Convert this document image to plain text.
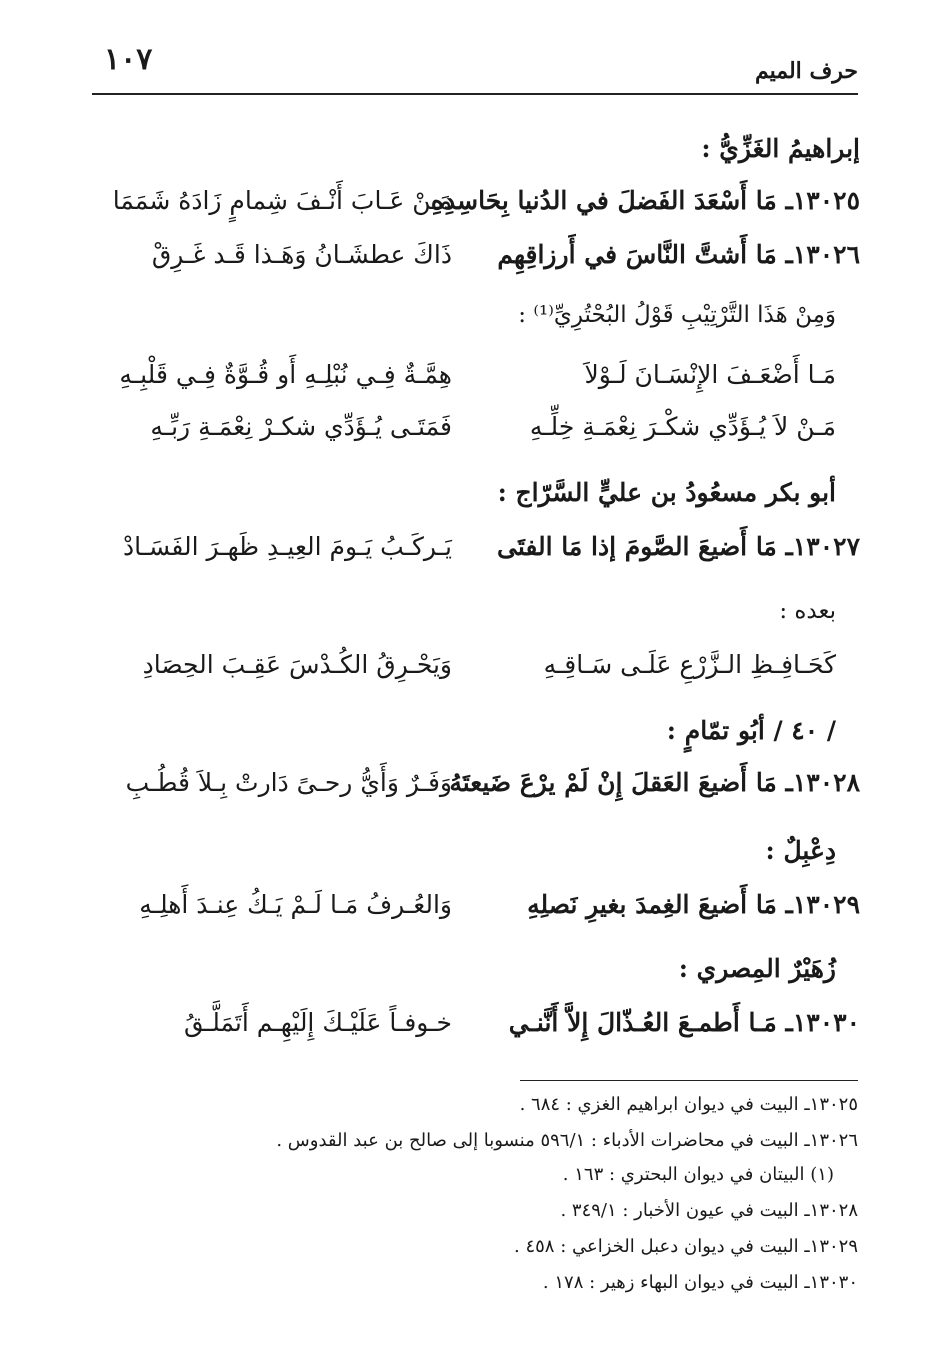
١٠٧	حرف الميم
إبراهيمُ الغَزِّيُّ :
١٣٠٢٥ـ مَا أَسْعَدَ الفَضلَ في الدُنيا بِحَاسِدِهِ
مَـنْ عَـابَ أَنْـفَ شِمامٍ زَادَهُ شَمَمَا
١٣٠٢٦ـ مَا أَشتَّ النَّاسَ في أَرزاقِهِم
ذَاكَ عطشَـانُ وَهَـذا قَـد غَـرِقْ
وَمِنْ هَذَا التَّرْتِيْبِ قَوْلُ البُحْتُرِيِّ⁽¹⁾ :
مَـا أَضْعَـفَ الإِنْسَـانَ لَـوْلاَ
هِمَّـةٌ فِـي نُبْلِـهِ أَو قُـوَّةٌ فِـي قَلْبِـهِ
مَـنْ لاَ يُـؤَدِّي شكْـرَ نِعْمَـةِ خِلِّـهِ
فَمَتَـى يُـؤَدِّي شكـرْ نِعْمَـةِ رَبِّـهِ
أبو بكر مسعُودُ بن عليٍّ السَّرّاج :
١٣٠٢٧ـ مَا أَضيعَ الصَّومَ إذا مَا الفتَى
يَـركَـبُ يَـومَ العِيـدِ ظَهـرَ الفَسَـادْ
بعده :
كَحَـافِـظِ الـزَّرْعِ عَلَـى سَـاقِـهِ
وَيَحْـرِقُ الكُـدْسَ عَقِـبَ الحِصَادِ
/ ٤٠ / أبُو تمّامٍ :
١٣٠٢٨ـ مَا أَضيعَ العَقلَ إِنْ لَمْ يرْعَ ضَيعتَهُ
وَفَـرٌ وَأَيُّ رحـىً دَارتْ بِـلاَ قُطُـبِ
دِعْبِلٌ :
١٣٠٢٩ـ مَا أَضيعَ الغِمدَ بغيرِ نَصلِهِ
وَالعُـرفُ مَـا لَـمْ يَـكُ عِنـدَ أَهلِـهِ
زُهَيْرٌ المِصري :
١٣٠٣٠ـ مَـا أَطمـعَ العُـذّالَ إِلاَّ أَنَّنـي
خـوفـاً عَلَيْـكَ إِلَيْهِـم أَتَمَلَّـقُ
١٣٠٢٥ـ البيت في ديوان ابراهيم الغزي : ٦٨٤ .
١٣٠٢٦ـ البيت في محاضرات الأدباء : ٥٩٦/١ منسوبا إلى صالح بن عبد القدوس .
(١) البيتان في ديوان البحتري : ١٦٣ .
١٣٠٢٨ـ البيت في عيون الأخبار : ٣٤٩/١ .
١٣٠٢٩ـ البيت في ديوان دعبل الخزاعي : ٤٥٨ .
١٣٠٣٠ـ البيت في ديوان البهاء زهير : ١٧٨ .
